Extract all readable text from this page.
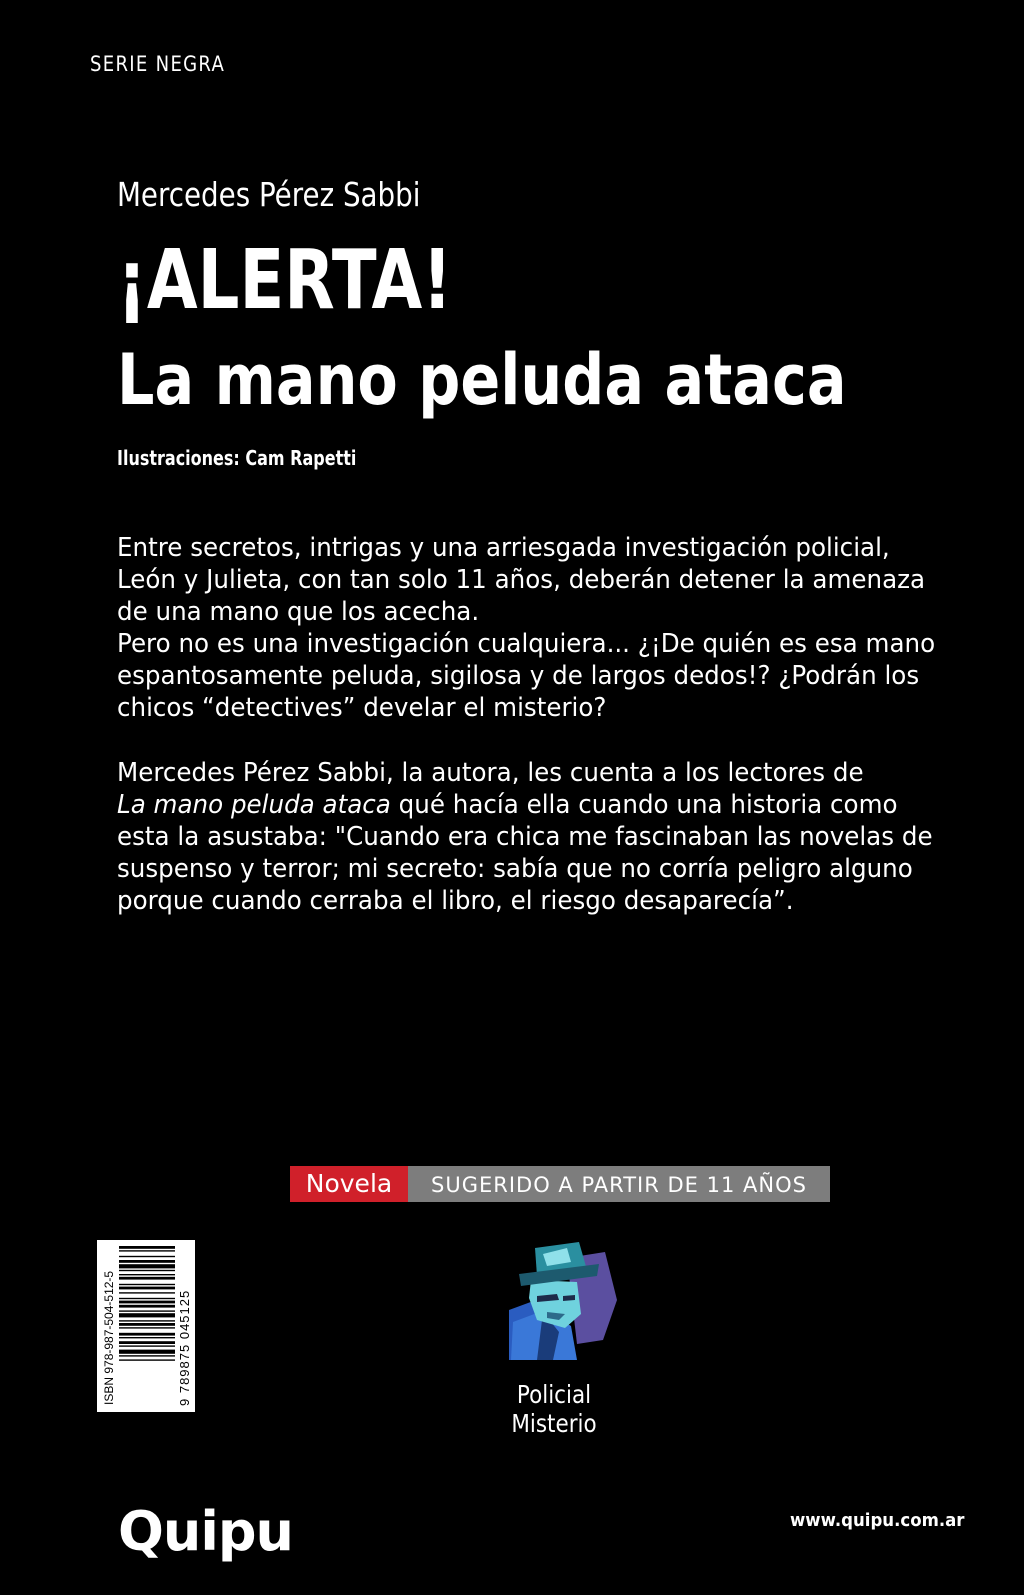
SERIE NEGRA
Mercedes Pérez Sabbi
¡ALERTA!
La mano peluda ataca
Ilustraciones: Cam Rapetti

Entre secretos, intrigas y una arriesgada investigación policial,

León y Julieta, con tan solo 11 años, deberán detener la amenaza

de una mano que los acecha.

Pero no es una investigación cualquiera... ¿¡De quién es esa mano

espantosamente peluda, sigilosa y de largos dedos!? ¿Podrán los

chicos “detectives” develar el misterio?

Mercedes Pérez Sabbi, la autora, les cuenta a los lectores de

La mano peluda ataca qué hacía ella cuando una historia como

esta la asustaba: "Cuando era chica me fascinaban las novelas de

suspenso y terror; mi secreto: sabía que no corría peligro alguno

porque cuando cerraba el libro, el riesgo desaparecía”.

Novela	SUGERIDO A PARTIR DE 11 AÑOS
ISBN 978-987-504-512-5	9 789875 045125	Policial
Misterio
Quipu	www.quipu.com.ar
